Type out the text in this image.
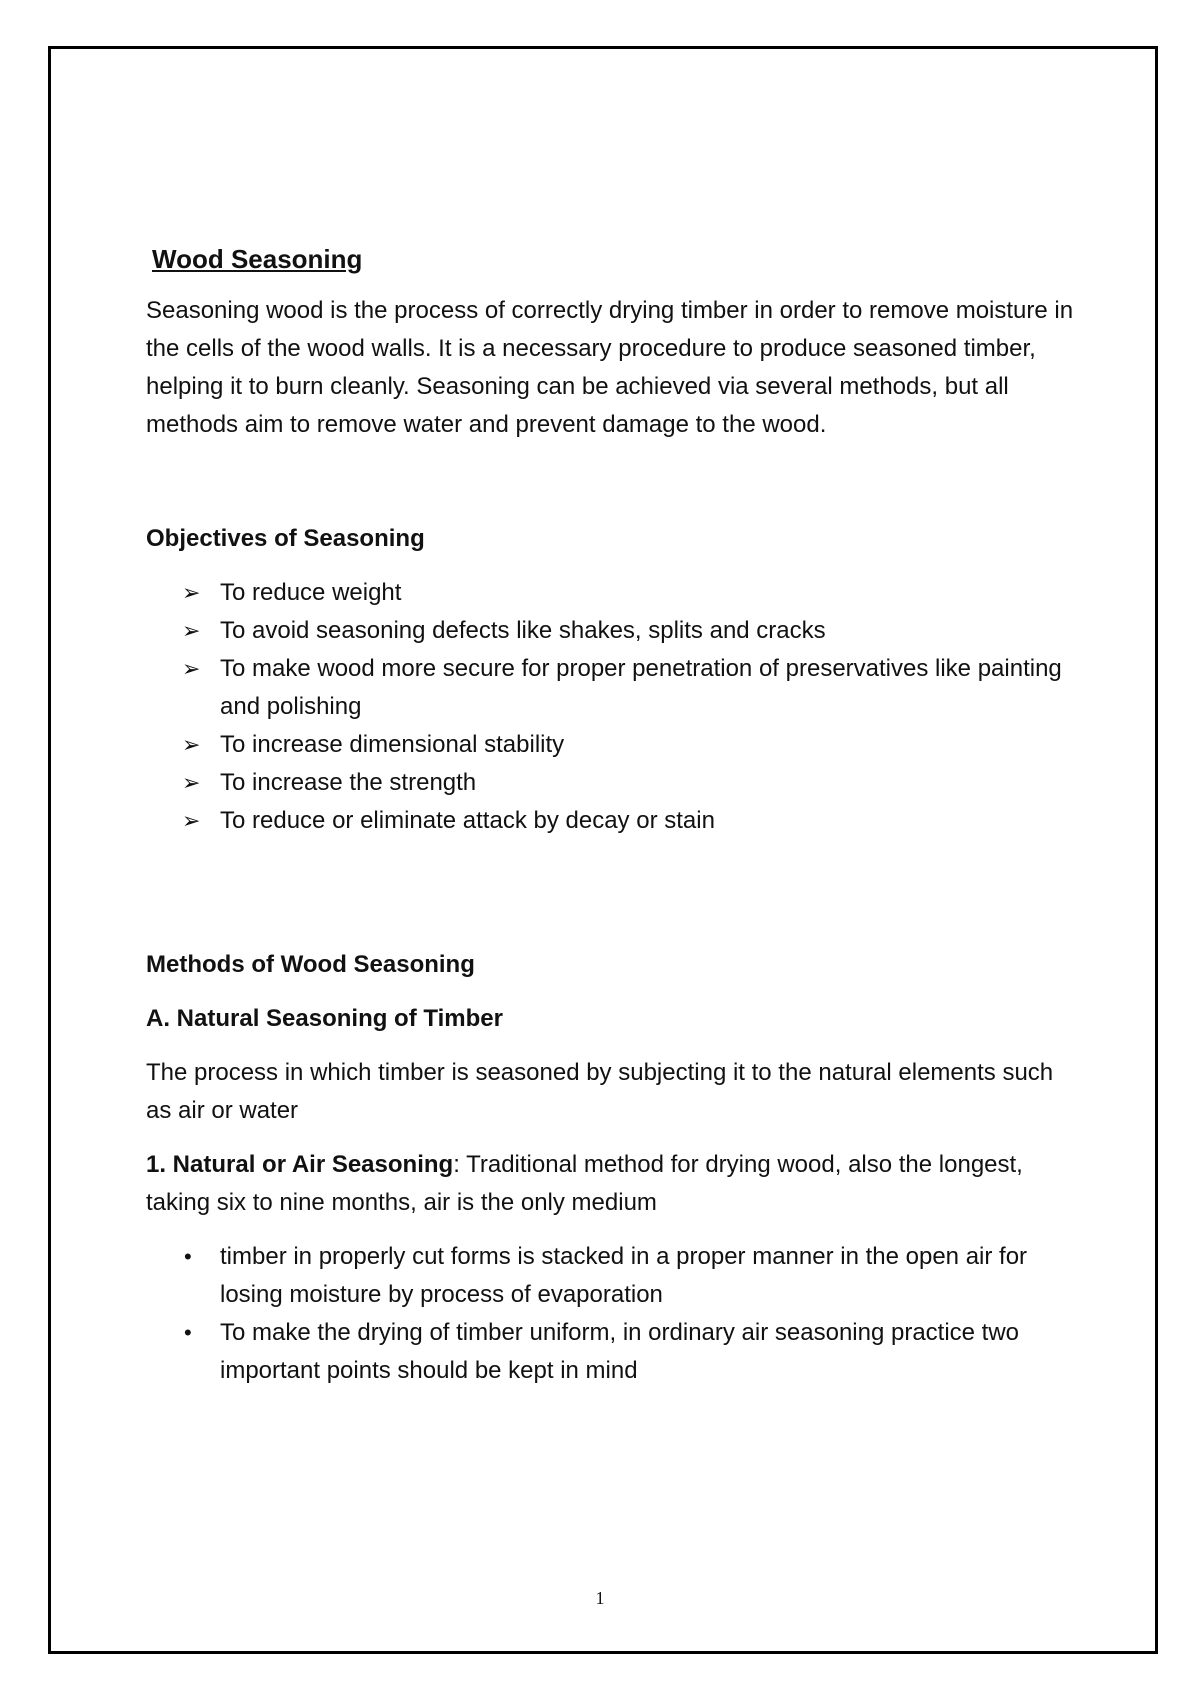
Wood Seasoning

Seasoning wood is the process of correctly drying timber in order to remove moisture in the cells of the wood walls. It is a necessary procedure to produce seasoned timber, helping it to burn cleanly. Seasoning can be achieved via several methods, but all methods aim to remove water and prevent damage to the wood.

Objectives of Seasoning

➢ To reduce weight
➢ To avoid seasoning defects like shakes, splits and cracks
➢ To make wood more secure for proper penetration of preservatives like painting and polishing
➢ To increase dimensional stability
➢ To increase the strength
➢ To reduce or eliminate attack by decay or stain

Methods of Wood Seasoning

A. Natural Seasoning of Timber

The process in which timber is seasoned by subjecting it to the natural elements such as air or water

1. Natural or Air Seasoning: Traditional method for drying wood, also the longest, taking six to nine months, air is the only medium

• timber in properly cut forms is stacked in a proper manner in the open air for losing moisture by process of evaporation
• To make the drying of timber uniform, in ordinary air seasoning practice two important points should be kept in mind
1
